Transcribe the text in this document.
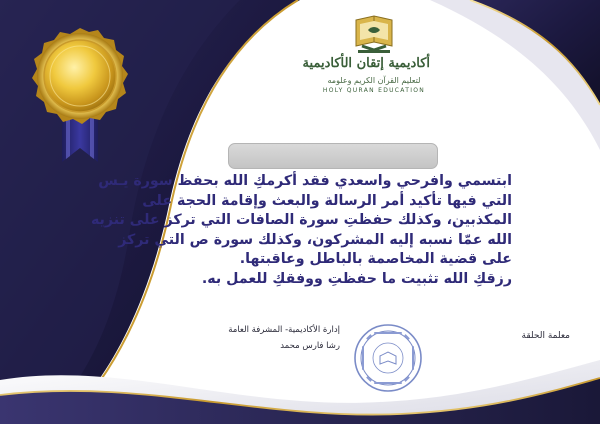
أكاديمية إتقان الأكاديمية
لتعليم القرآن الكريم وعلومه
HOLY QURAN EDUCATION

ابتسمي وافرحي واسعدي فقد أكرمكِ الله بحفظ سورة يـس

التي فيها تأكيد أمر الرسالة والبعث وإقامة الحجة على

المكذبين، وكذلك حفظتِ سورة الصافات التي تركز على تنزيه

الله عمّا نسبه إليه المشركون، وكذلك سورة ص التي تركز

على قضية المخاصمة بالباطل وعاقبتها.

رزقكِ الله تثبيت ما حفظتِ ووفقكِ للعمل به.

إدارة الأكاديمية- المشرفة العامة
رشا فارس محمد
معلمة الحلقة
